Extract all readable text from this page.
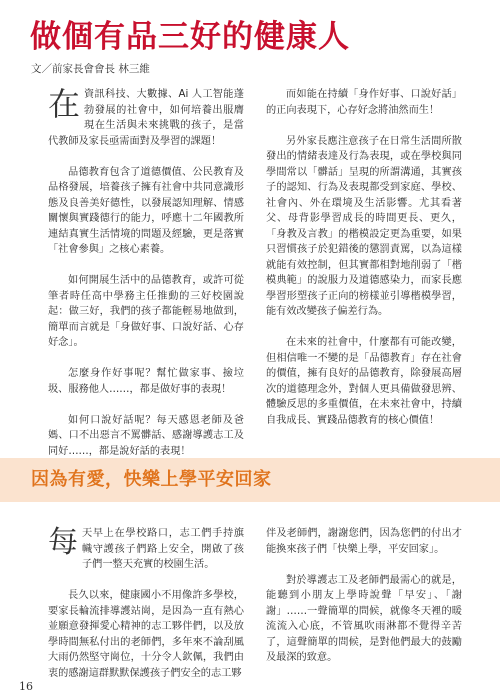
做個有品三好的健康人
文／前家長會會長 林三維

在資訊科技、大數據、Ai 人工智能蓬勃發展的社會中，如何培養出服膺現在生活與未來挑戰的孩子，是當代教師及家長亟需面對及學習的課題！

品德教育包含了道德價值、公民教育及品格發展，培養孩子擁有社會中共同意識形態及良善美好德性，以發展認知理解、情感關懷與實踐德行的能力，呼應十二年國教所連結真實生活情境的問題及經驗，更是落實「社會參與」之核心素養。

如何開展生活中的品德教育，或許可從筆者時任高中學務主任推動的三好校園說起：做三好，我們的孩子都能輕易地做到，簡單而言就是「身做好事、口說好話、心存好念」。

怎麼身作好事呢？幫忙做家事、撿垃圾、服務他人……，都是做好事的表現！

如何口說好話呢？每天感恩老師及爸媽、口不出惡言不罵髒話、感謝導護志工及同好……，都是說好話的表現！

而如能在持續「身作好事、口說好話」的正向表現下，心存好念將油然而生！

另外家長應注意孩子在日常生活間所散發出的情緒表達及行為表現，或在學校與同學間常以「髒話」呈現的所謂溝通，其實孩子的認知、行為及表現都受到家庭、學校、社會內、外在環境及生活影響。尤其看著父、母背影學習成長的時間更長、更久，「身教及言教」的楷模設定更為重要，如果只習慣孩子於犯錯後的懲罰責罵，以為這樣就能有效控制，但其實都相對地削弱了「楷模典範」的說服力及道德感染力，而家長應學習形塑孩子正向的榜樣並引導楷模學習，能有效改變孩子偏差行為。

在未來的社會中，什麼都有可能改變，但相信唯一不變的是「品德教育」存在社會的價值，擁有良好的品德教育，除發展高層次的道德理念外，對個人更具備做發思辨、體驗反思的多重價值，在未來社會中，持續自我成長、實踐品德教育的核心價值！

因為有愛，快樂上學平安回家

每天早上在學校路口，志工們手持旗幟守護孩子們路上安全，開啟了孩子們一整天充實的校園生活。

長久以來，健康國小不用像許多學校，要家長輪流排導護站崗，是因為一直有熱心並願意發揮愛心精神的志工夥伴們，以及放學時間無私付出的老師們，多年來不論刮風大雨仍然堅守崗位，十分令人欽佩，我們由衷的感謝這群默默保護孩子們安全的志工夥

伴及老師們，謝謝您們，因為您們的付出才能換來孩子們「快樂上學，平安回家」。

對於導護志工及老師們最需心的就是，能聽到小朋友上學時說聲「早安」、「謝謝」……一聲簡單的問候，就像冬天裡的暖流流入心底，不管風吹雨淋都不覺得辛苦了，這聲簡單的問候，是對他們最大的鼓勵及最深的致意。

16
